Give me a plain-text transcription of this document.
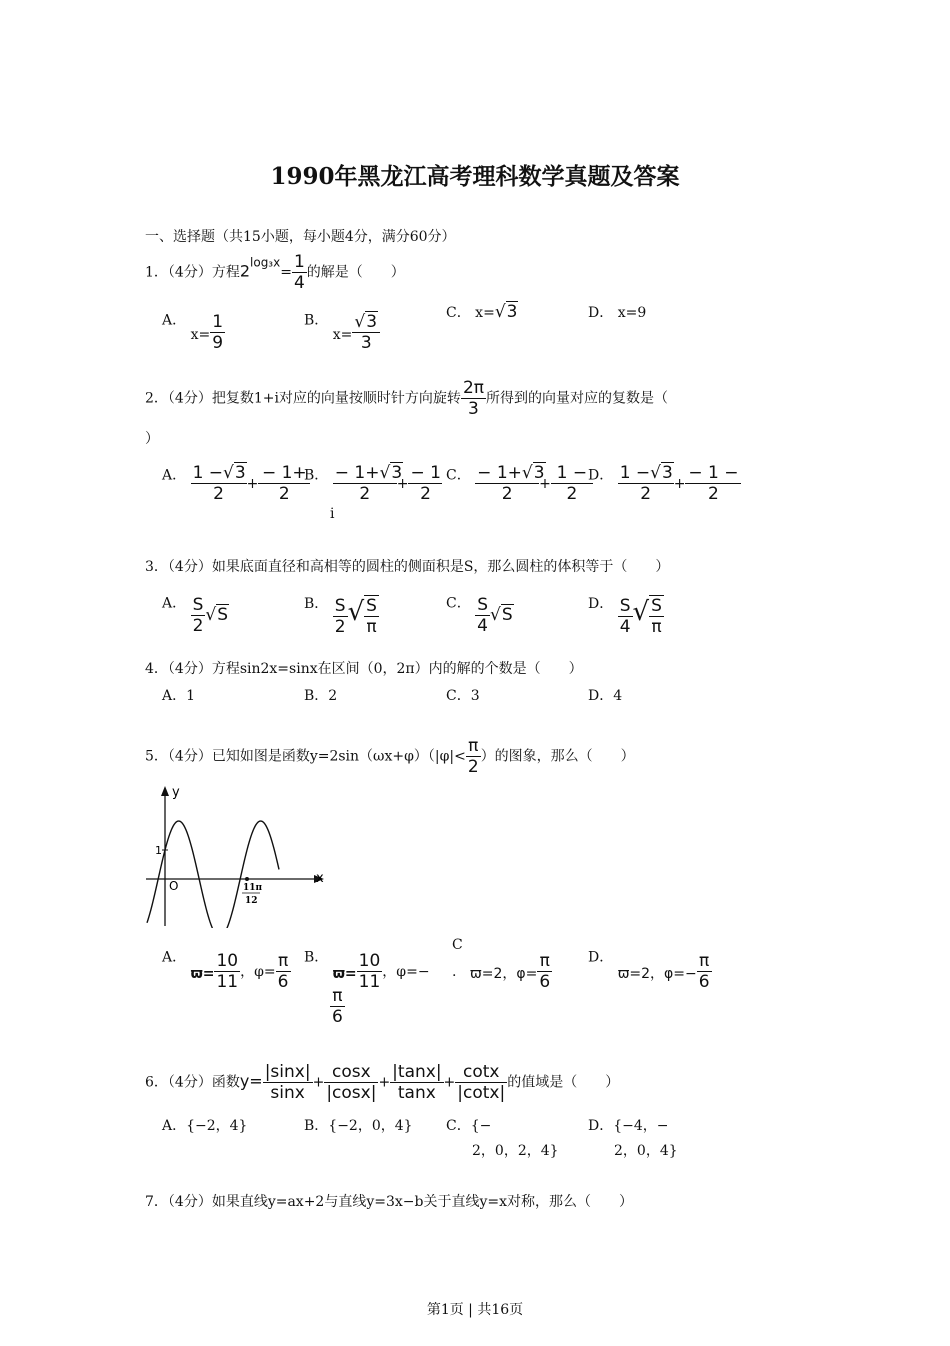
1990年黑龙江高考理科数学真题及答案
一、选择题（共15小题，每小题4分，满分60分）
1．（4分）方程$2\log_3x= \frac{1}{4}$ 的解是（　　）
A． $x= \frac{1}{9}$	B． $x= \frac{√3}{3}$	C． x=√3	D． x=9
2．（4分）把复数1+i对应的向量按顺时针方向旋转 $\frac{2\pi}{3}$ 所得到的向量对应的复数是（
）
A． $\frac{1 -√3}{2} + \frac{- 1+}{2}$
B． $\frac{- 1+√3}{2} + \frac{- 1}{2}$
i
C． $\frac{- 1+√3}{2} + \frac{1 -}{2}$
D． $\frac{1 -√3}{2} + \frac{- 1 -}{2}$
3．（4分）如果底面直径和高相等的圆柱的侧面积是S，那么圆柱的体积等于（　　）
A． $\frac{S}{2} √S$
B． $\frac{S}{2}$ √ $\frac{S}{\pi}$	C． $\frac{S}{4} √S$
D． $\frac{S}{4}$ √ $\frac{S}{\pi}$
4．（4分）方程sin2x=sinx在区间（0，2π）内的解的个数是（　　）
A．1	B．2	C．3	D．4
5．（4分）已知如图是函数$y=2\sin(\omega x+\varphi)(|\varphi|< \frac{\pi}{2}$ ）的图象，那么（　　）
y
x
O
1
11π
12
A． $ϖ= \frac{10}{11}$ ，$\varphi= \frac{\pi}{6}$ B． $ϖ= \frac{10}{11}$ ，φ=−
$\frac{\pi}{6}$
C
. ϖ=2，$\varphi= \frac{\pi}{6}$	D． ϖ=2，$\varphi=- \frac{\pi}{6}$
6．（4分）函数$y= \frac{|\sin x|}{\sin x} + \frac{\cos x}{|\cos x|} + \frac{|\tan x|}{\tan x} + \frac{\cot x}{|\cot x|}$ 的值域是（　　）
A．{−2，4}	B．{−2，0，4} C．{−
2，0，2，4}
D．{−4，−
2，0，4}
7．（4分）如果直线y=ax+2与直线y=3x−b关于直线y=x对称，那么（　　）
第1页 | 共16页
